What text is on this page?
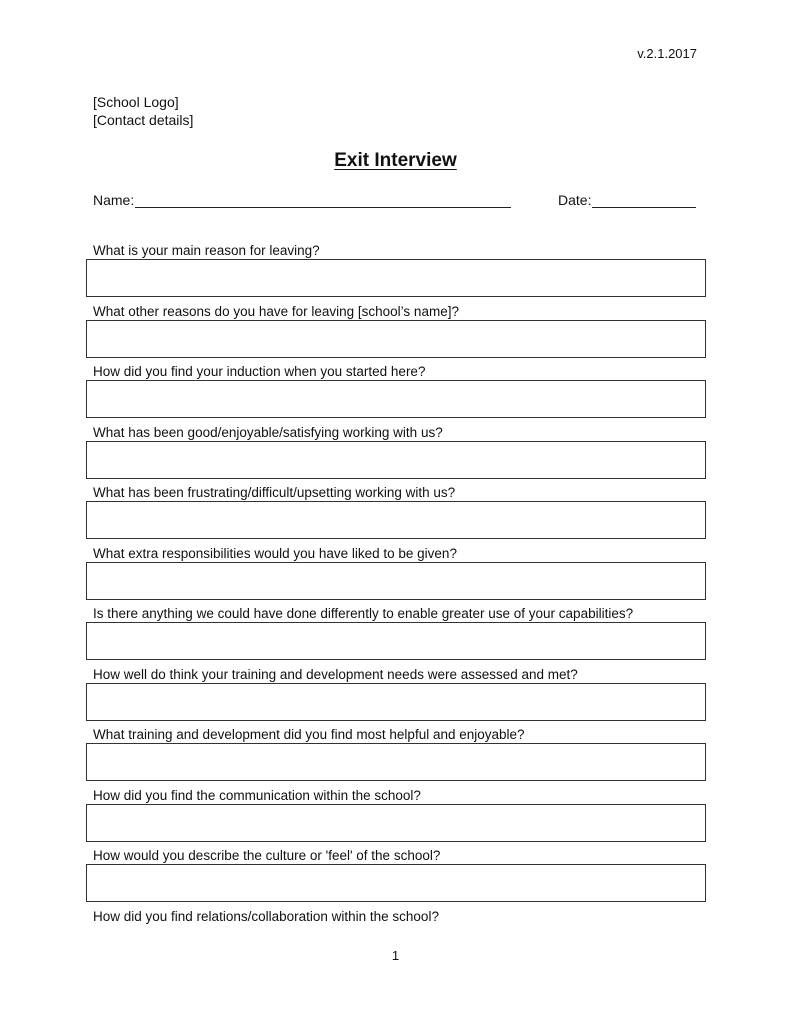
v.2.1.2017
[School Logo]
[Contact details]
Exit Interview
Name:	Date:
What is your main reason for leaving?
What other reasons do you have for leaving [school’s name]?
How did you find your induction when you started here?
What has been good/enjoyable/satisfying working with us?
What has been frustrating/difficult/upsetting working with us?
What extra responsibilities would you have liked to be given?
Is there anything we could have done differently to enable greater use of your capabilities?
How well do think your training and development needs were assessed and met?
What training and development did you find most helpful and enjoyable?
How did you find the communication within the school?
How would you describe the culture or 'feel' of the school?
How did you find relations/collaboration within the school?
1
